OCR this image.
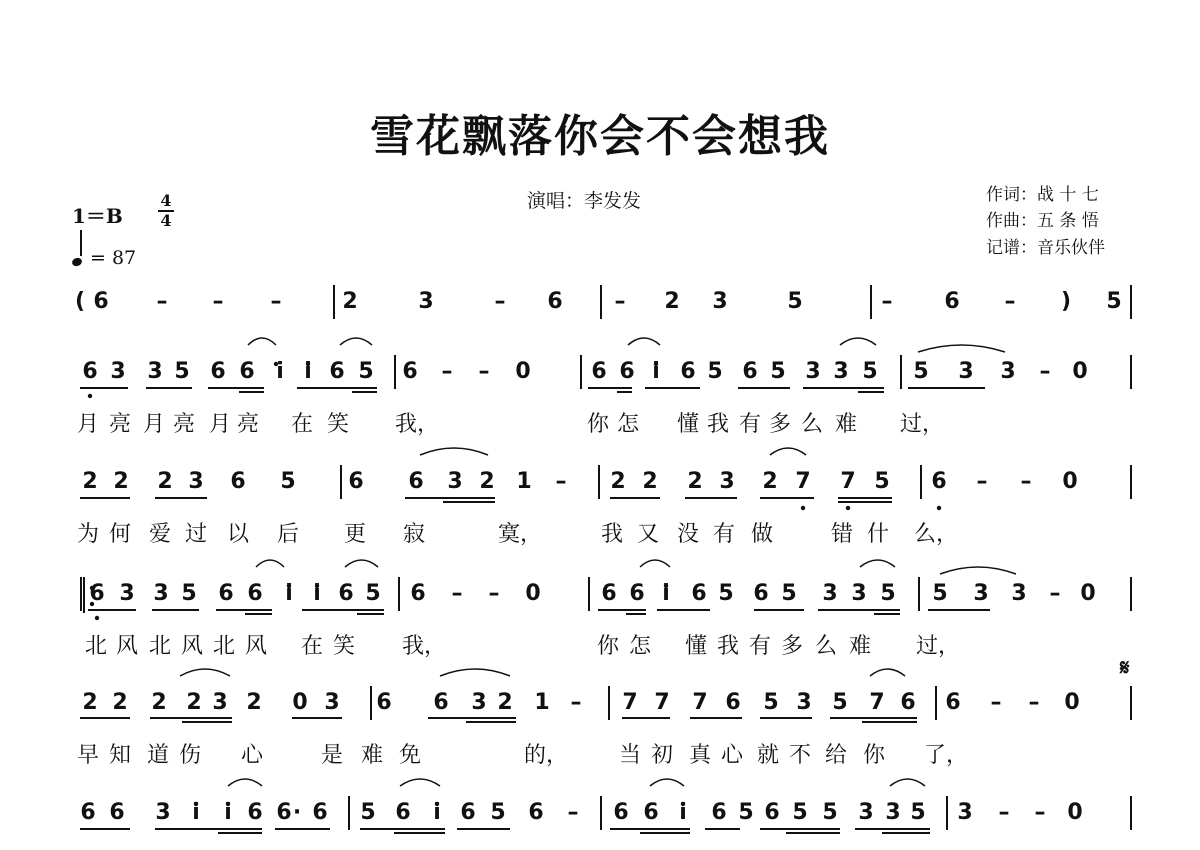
雪花飘落你会不会想我
演唱：李发发	作词：战 十 七
作曲：五 条 悟
记谱：音乐伙伴
1＝B
4
4
= 87
𝄋
( 6 – – –	5
2	3	– 6 – 2 3	5	– 6 – )
6 3 3 5 6 6 i i 6 5 6 – – 0	6 6 i 6 5 6 5 3 3 5 5 3 3 – 0
月 亮 月 亮 月 亮 在 笑 我，	你 怎 懂 我 有 多 么 难 过，
2 2 2 3 6 5 6 6 3 2 1 – 2 2 2 3 2 7 7 5 6 – – 0
为 何 爱 过 以 后 更 寂	寞，	我 又 没 有 做	错 什 么，
6 3 3 5 6 6 i i 6 5 6 – – 0	6 6 i 6 5 6 5 3 3 5 5 3 3 – 0
北 风 北 风 北 风 在 笑 我，	你 怎 懂 我 有 多 么 难 过，
2 2 2 2 3 2 0 3 6 6 3 2 1 – 7 7 7 6 5 3 5 7 6 6 – – 0
早 知 道 伤 心	是 难 免	的， 当 初 真 心 就 不 给 你 了，
6 6 3 i i 6 6 · 6 5 6 i 6 5 6 – 6 6 i 6 5 6 5 5 3 3 5 3 – – 0
